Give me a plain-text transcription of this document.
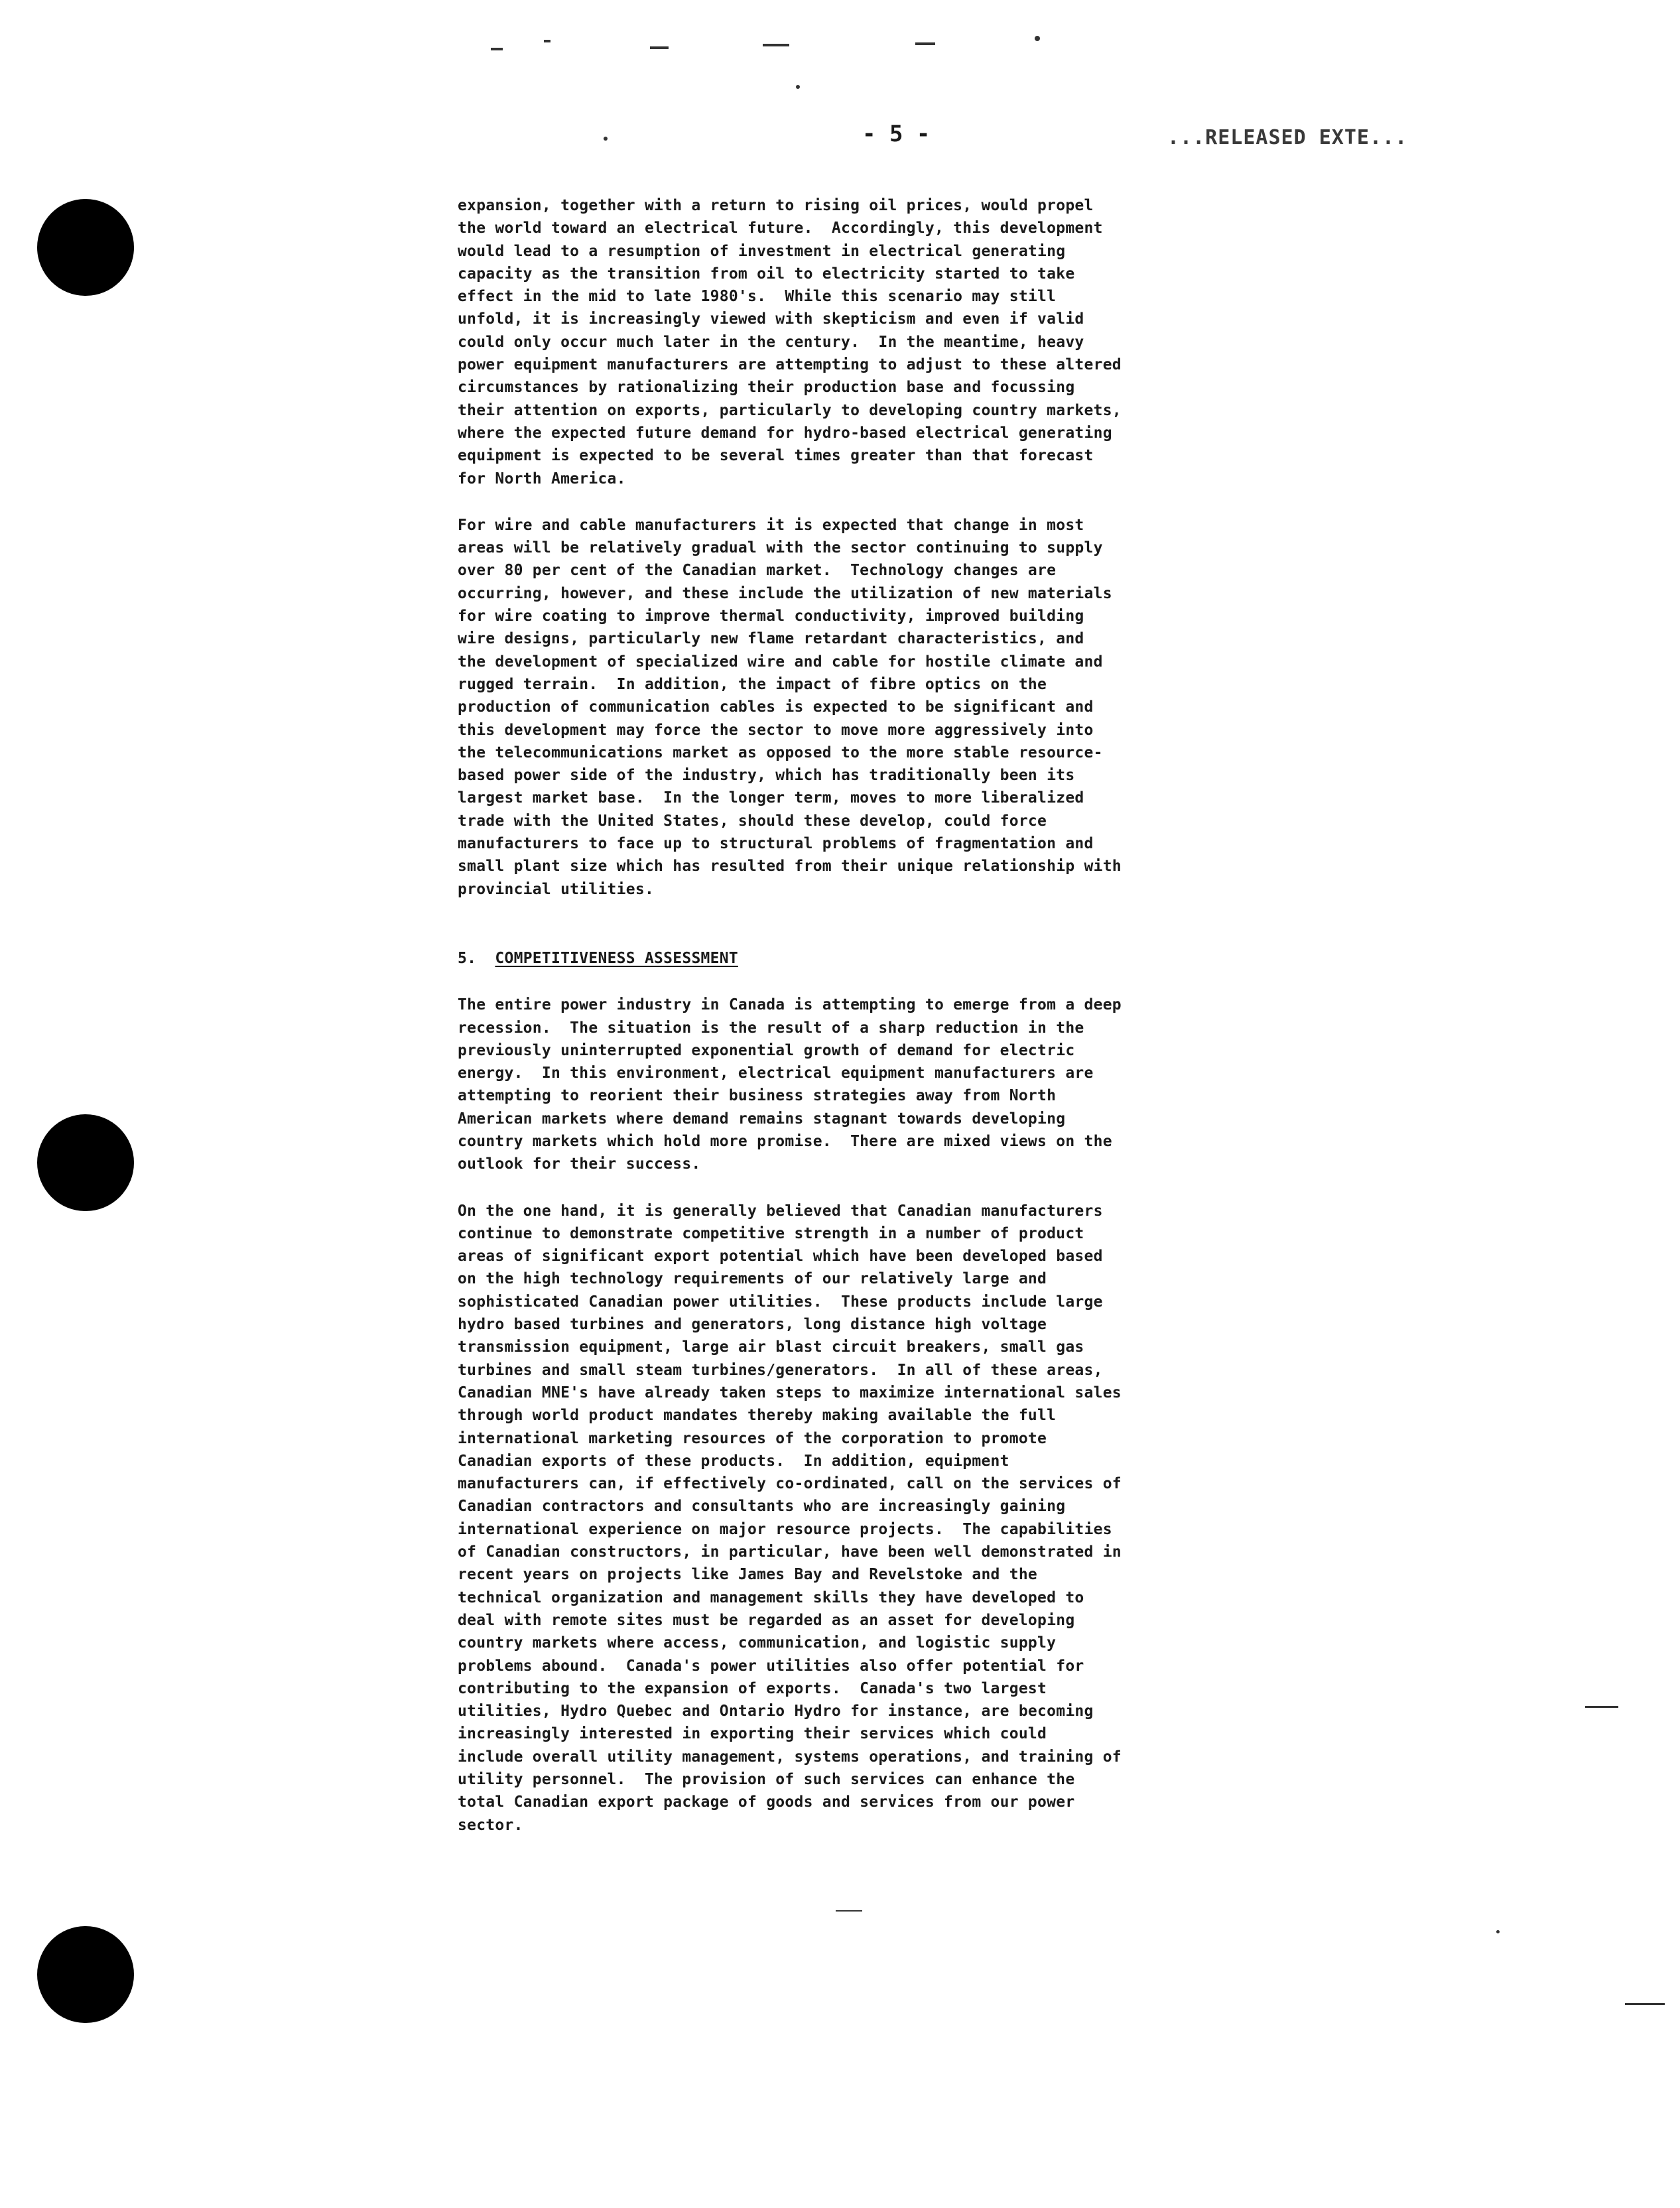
- 5 -	...RELEASED EXTE...

expansion, together with a return to rising oil prices, would propel
the world toward an electrical future.  Accordingly, this development
would lead to a resumption of investment in electrical generating
capacity as the transition from oil to electricity started to take
effect in the mid to late 1980's.  While this scenario may still
unfold, it is increasingly viewed with skepticism and even if valid
could only occur much later in the century.  In the meantime, heavy
power equipment manufacturers are attempting to adjust to these altered
circumstances by rationalizing their production base and focussing
their attention on exports, particularly to developing country markets,
where the expected future demand for hydro-based electrical generating
equipment is expected to be several times greater than that forecast
for North America.

For wire and cable manufacturers it is expected that change in most
areas will be relatively gradual with the sector continuing to supply
over 80 per cent of the Canadian market.  Technology changes are
occurring, however, and these include the utilization of new materials
for wire coating to improve thermal conductivity, improved building
wire designs, particularly new flame retardant characteristics, and
the development of specialized wire and cable for hostile climate and
rugged terrain.  In addition, the impact of fibre optics on the
production of communication cables is expected to be significant and
this development may force the sector to move more aggressively into
the telecommunications market as opposed to the more stable resource-
based power side of the industry, which has traditionally been its
largest market base.  In the longer term, moves to more liberalized
trade with the United States, should these develop, could force
manufacturers to face up to structural problems of fragmentation and
small plant size which has resulted from their unique relationship with
provincial utilities.

5. COMPETITIVENESS ASSESSMENT

The entire power industry in Canada is attempting to emerge from a deep
recession.  The situation is the result of a sharp reduction in the
previously uninterrupted exponential growth of demand for electric
energy.  In this environment, electrical equipment manufacturers are
attempting to reorient their business strategies away from North
American markets where demand remains stagnant towards developing
country markets which hold more promise.  There are mixed views on the
outlook for their success.

On the one hand, it is generally believed that Canadian manufacturers
continue to demonstrate competitive strength in a number of product
areas of significant export potential which have been developed based
on the high technology requirements of our relatively large and
sophisticated Canadian power utilities.  These products include large
hydro based turbines and generators, long distance high voltage
transmission equipment, large air blast circuit breakers, small gas
turbines and small steam turbines/generators.  In all of these areas,
Canadian MNE's have already taken steps to maximize international sales
through world product mandates thereby making available the full
international marketing resources of the corporation to promote
Canadian exports of these products.  In addition, equipment
manufacturers can, if effectively co-ordinated, call on the services of
Canadian contractors and consultants who are increasingly gaining
international experience on major resource projects.  The capabilities
of Canadian constructors, in particular, have been well demonstrated in
recent years on projects like James Bay and Revelstoke and the
technical organization and management skills they have developed to
deal with remote sites must be regarded as an asset for developing
country markets where access, communication, and logistic supply
problems abound.  Canada's power utilities also offer potential for
contributing to the expansion of exports.  Canada's two largest
utilities, Hydro Quebec and Ontario Hydro for instance, are becoming
increasingly interested in exporting their services which could
include overall utility management, systems operations, and training of
utility personnel.  The provision of such services can enhance the
total Canadian export package of goods and services from our power
sector.
